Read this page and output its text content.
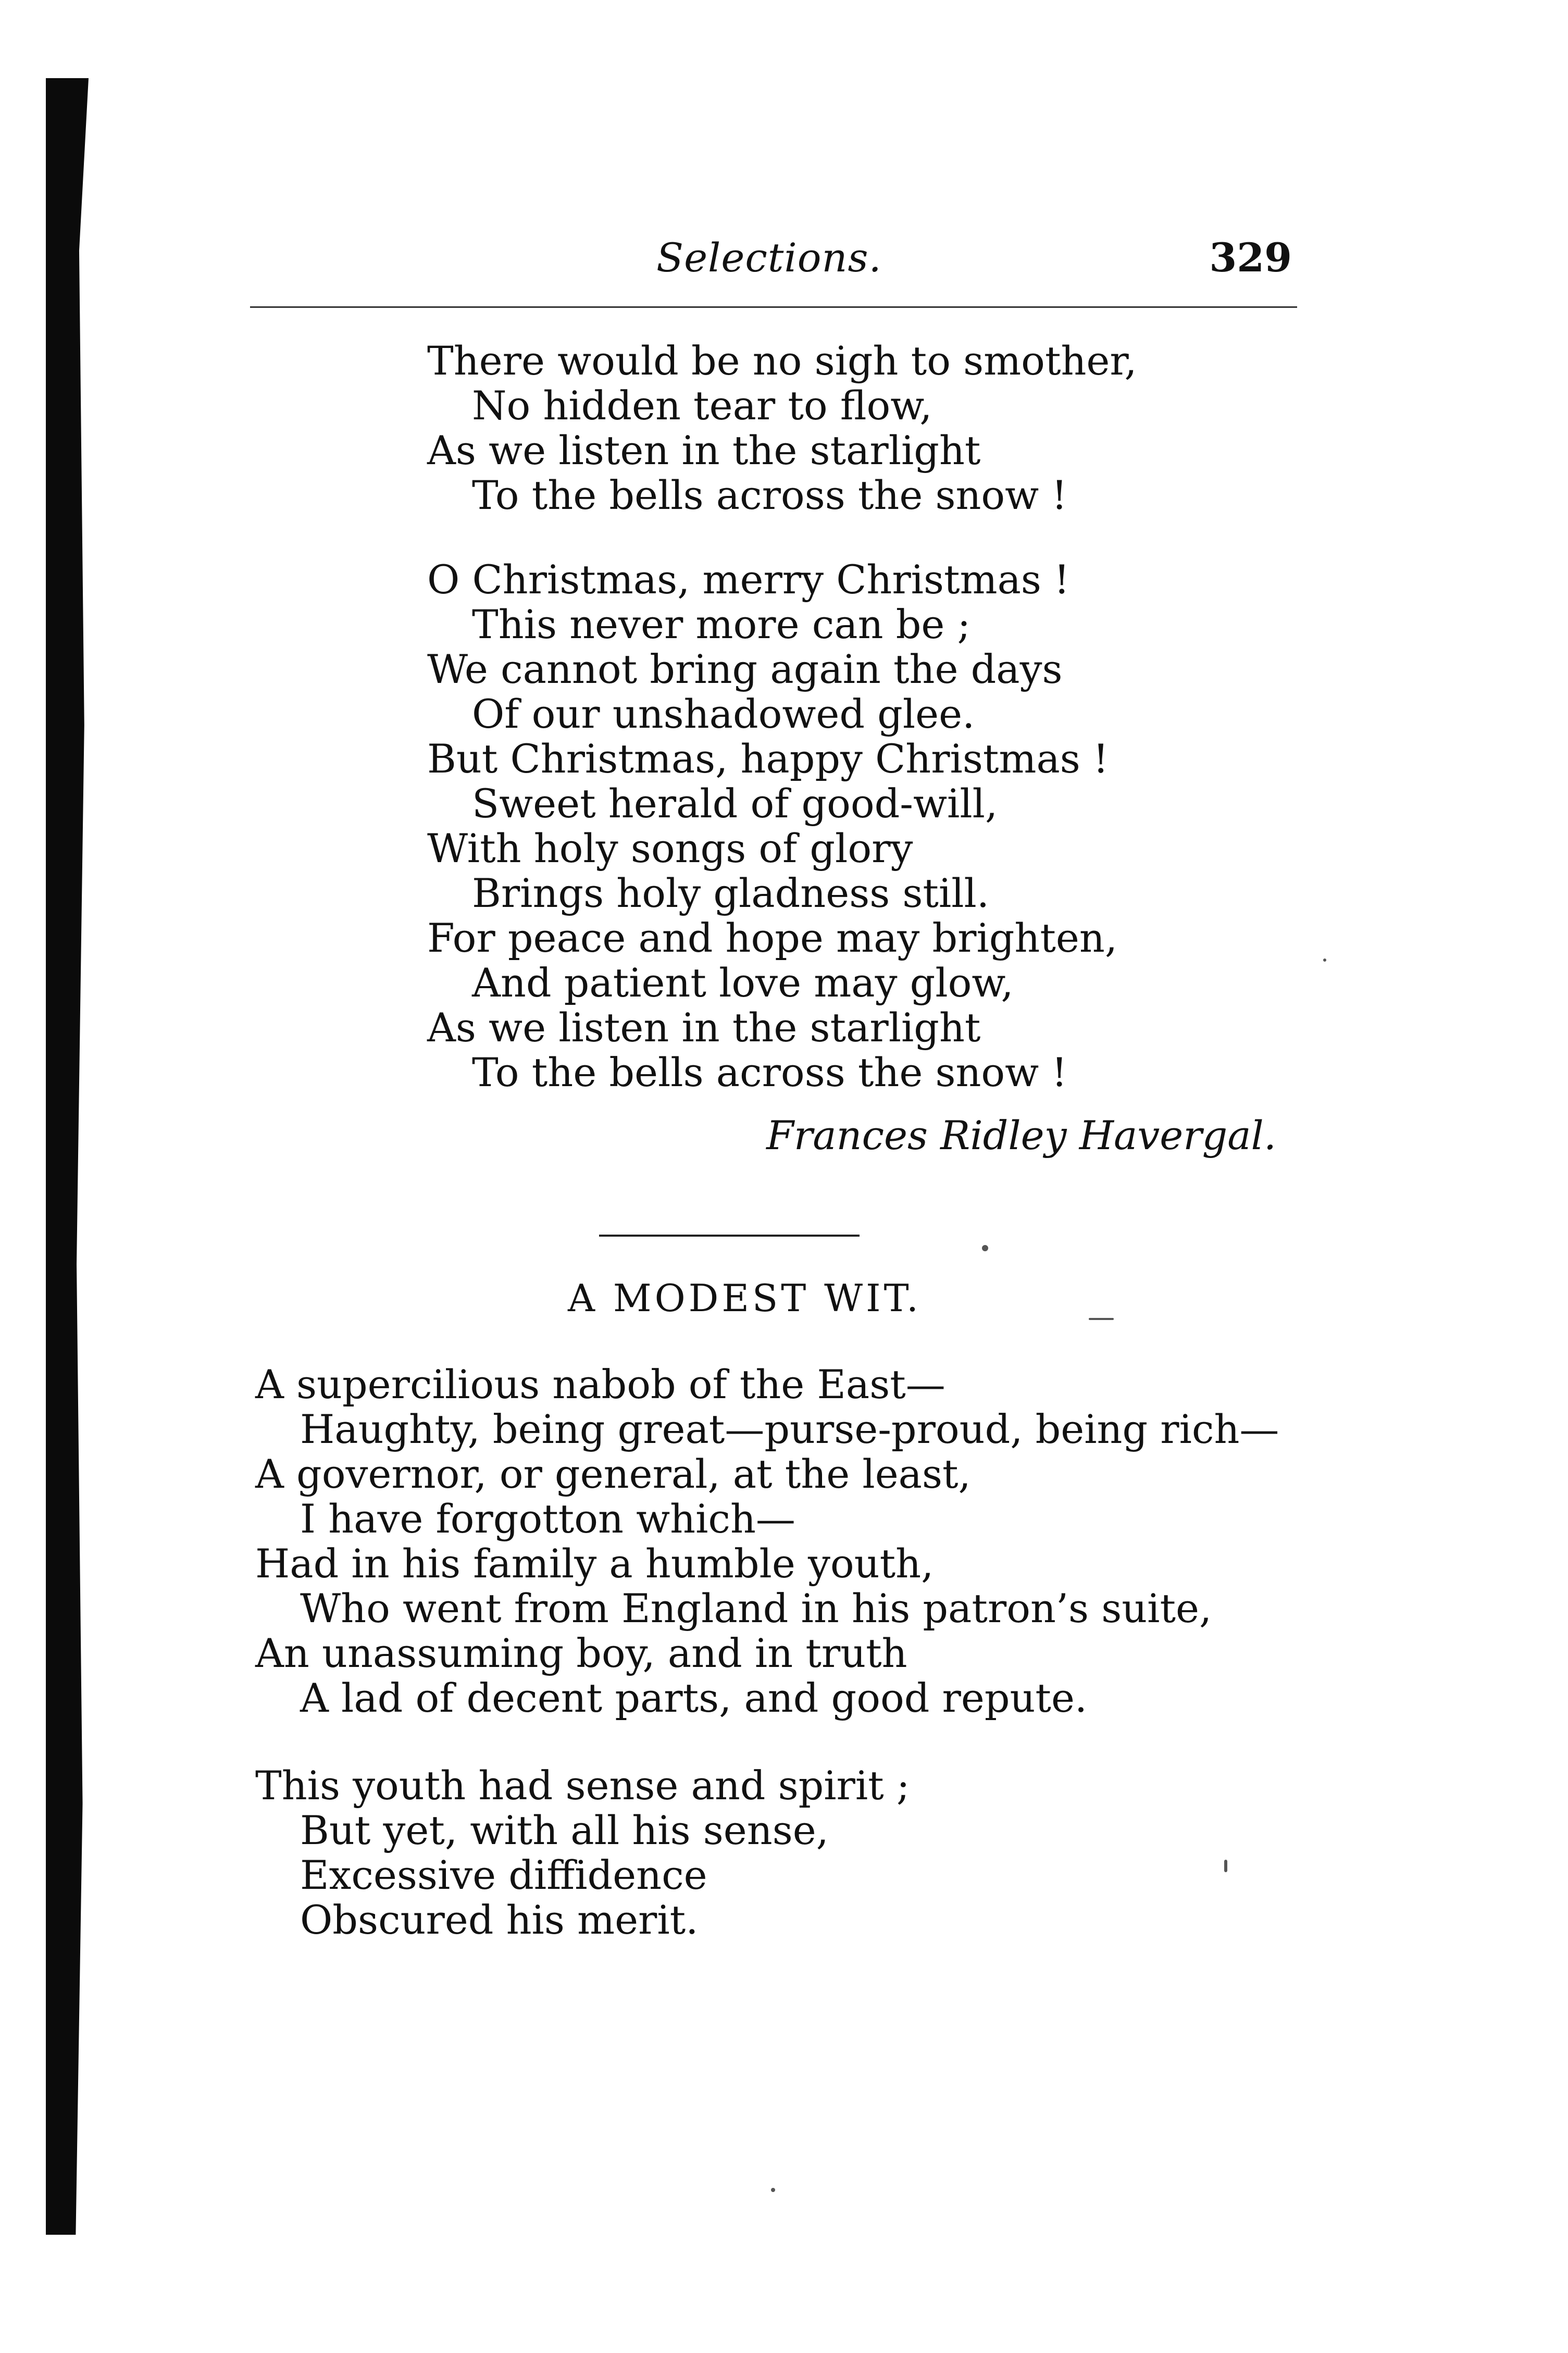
Selections.	329
There would be no sigh to smother,
No hidden tear to flow,
As we listen in the starlight
To the bells across the snow !
O Christmas, merry Christmas !
This never more can be ;
We cannot bring again the days
Of our unshadowed glee.
But Christmas, happy Christmas !
Sweet herald of good-will,
With holy songs of glory
Brings holy gladness still.
For peace and hope may brighten,
And patient love may glow,
As we listen in the starlight
To the bells across the snow !
Frances Ridley Havergal.
A MODEST WIT.
A supercilious nabob of the East—
Haughty, being great—purse-proud, being rich—
A governor, or general, at the least,
I have forgotton which—
Had in his family a humble youth,
Who went from England in his patron’s suite,
An unassuming boy, and in truth
A lad of decent parts, and good repute.
This youth had sense and spirit ;
But yet, with all his sense,
Excessive diffidence
Obscured his merit.
